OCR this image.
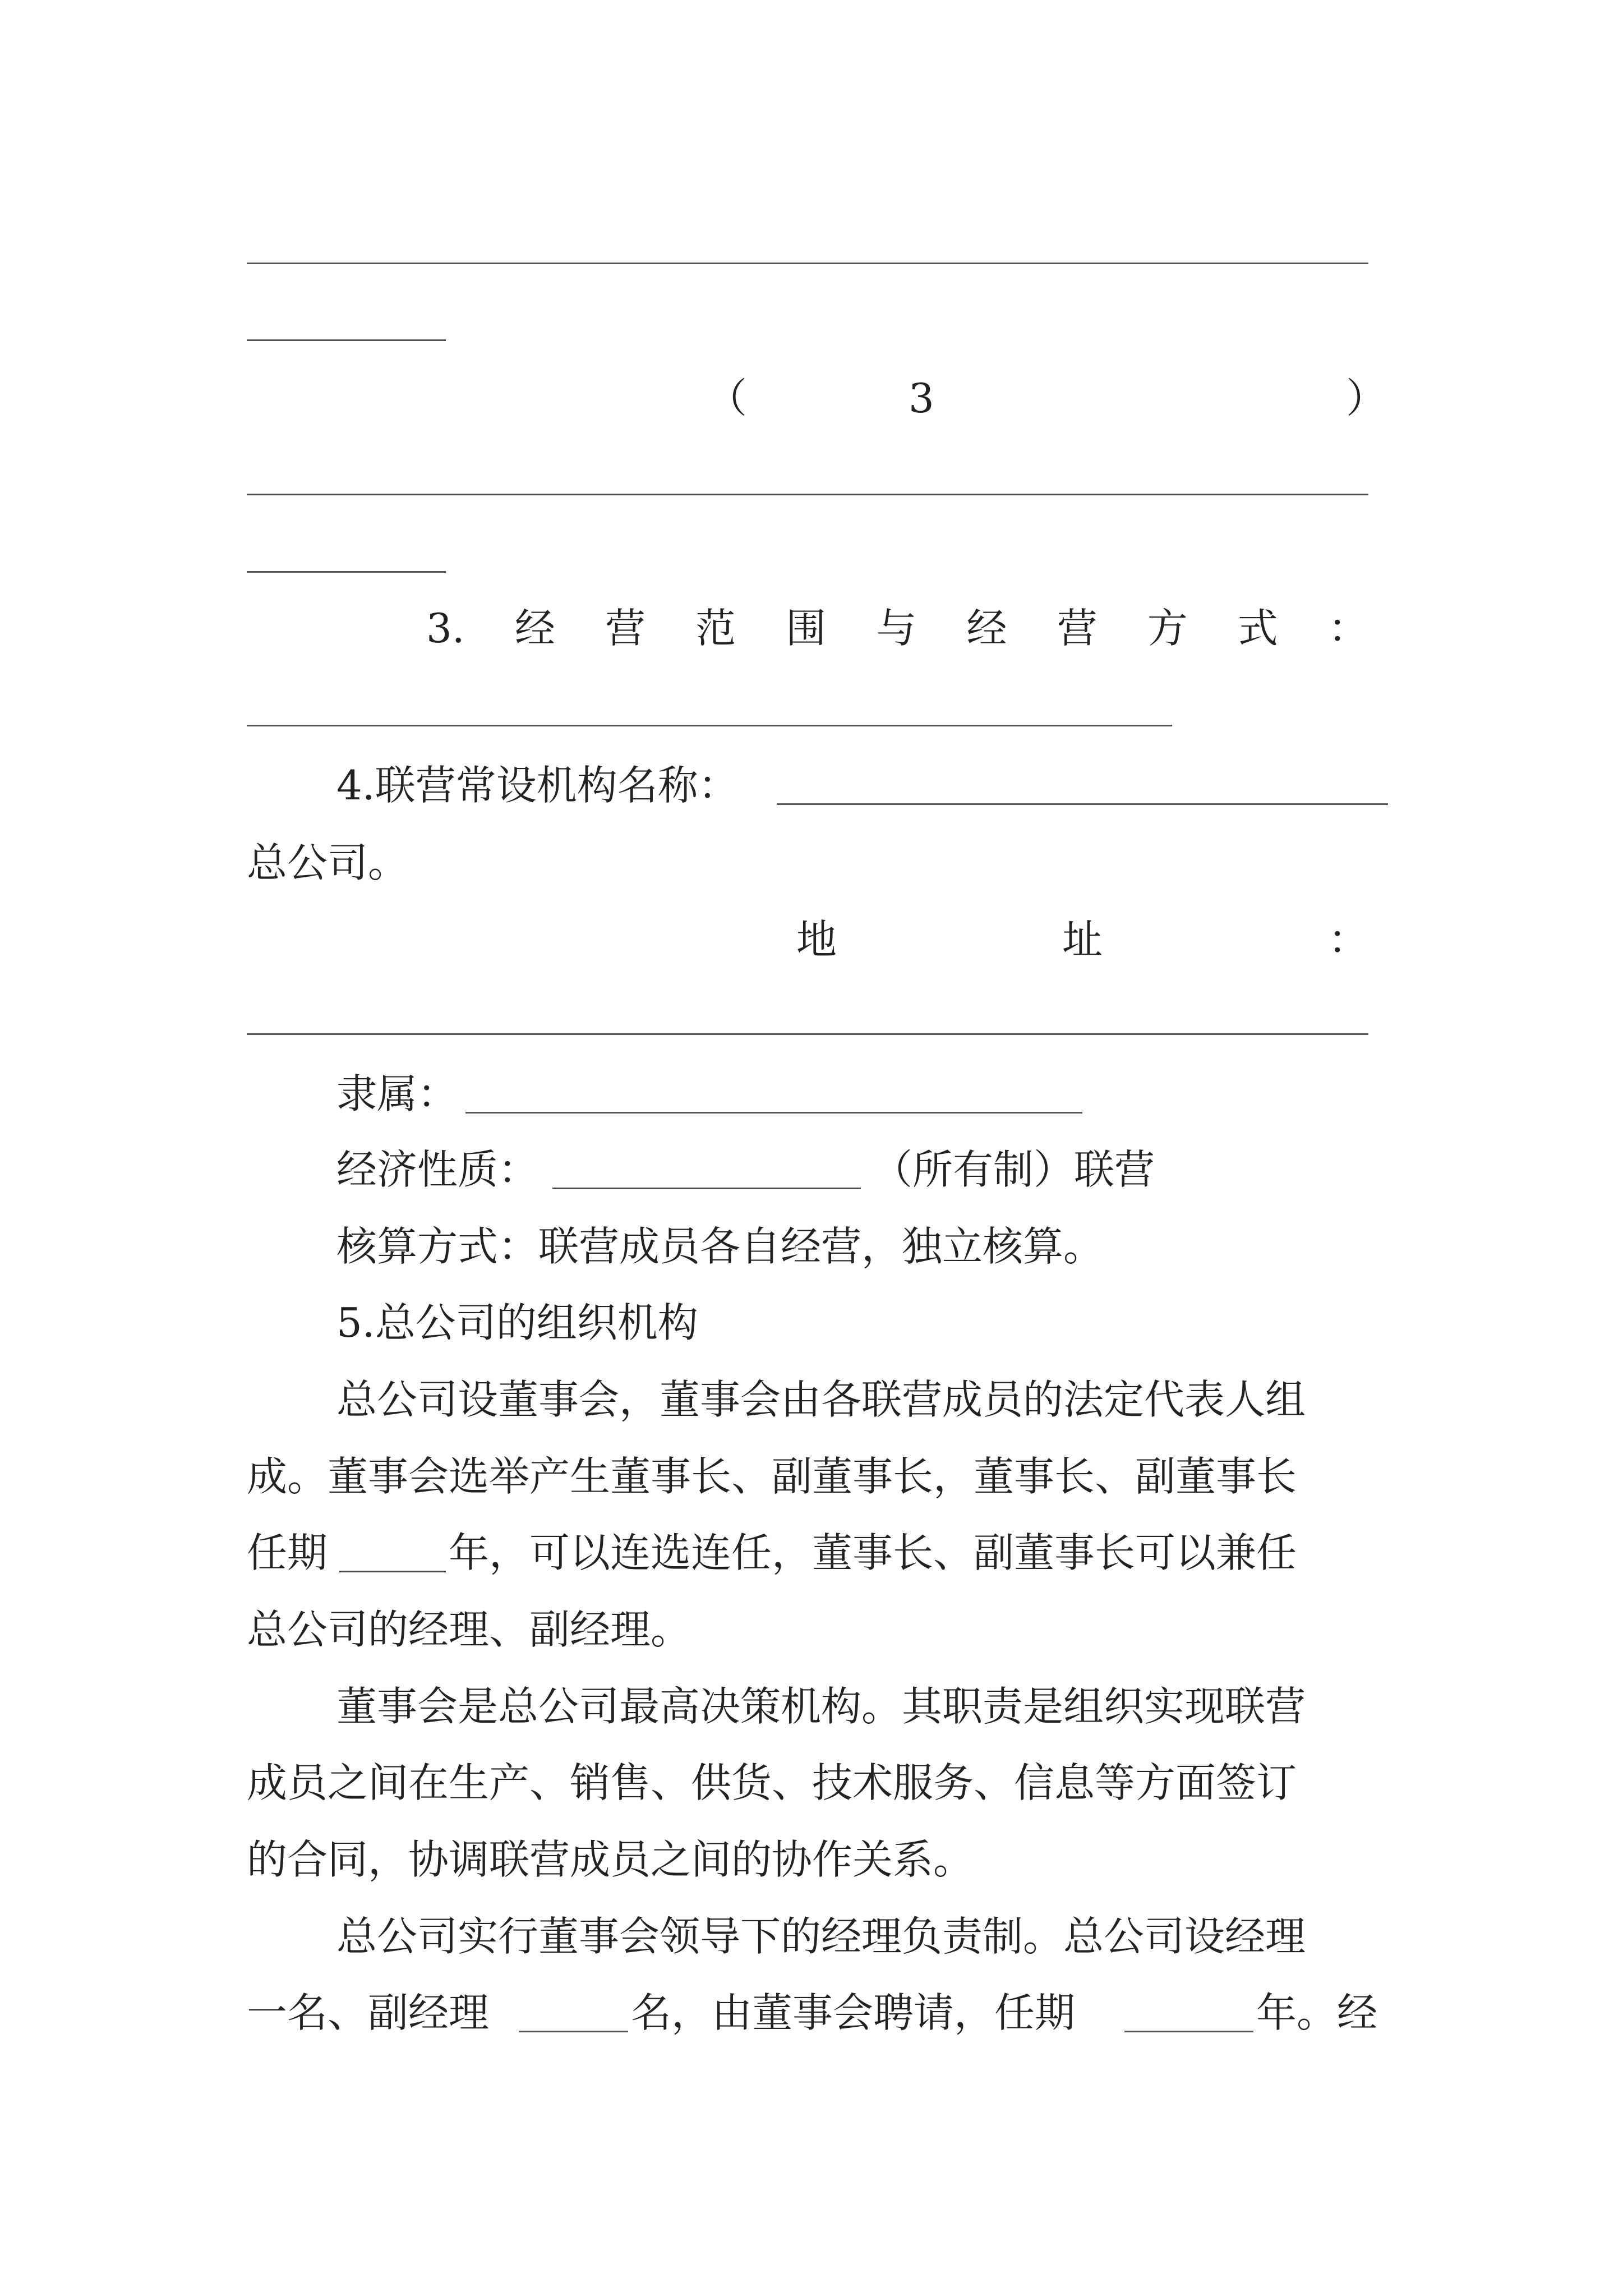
（	3	）
3. 经 营 范 围 与 经 营 方 式 ：
4.联营常设机构名称：
总公司。
地	址	：
隶属：
经济性质：	（所有制）联营
核算方式：联营成员各自经营，独立核算。
5.总公司的组织机构
总公司设董事会，董事会由各联营成员的法定代表人组
成。董事会选举产生董事长、副董事长，董事长、副董事长
任期	年，可以连选连任，董事长、副董事长可以兼任
总公司的经理、副经理。
董事会是总公司最高决策机构。其职责是组织实现联营
成员之间在生产、销售、供货、技术服务、信息等方面签订
的合同，协调联营成员之间的协作关系。
总公司实行董事会领导下的经理负责制。总公司设经理
一名、副经理	名，由董事会聘请，任期	年。经
